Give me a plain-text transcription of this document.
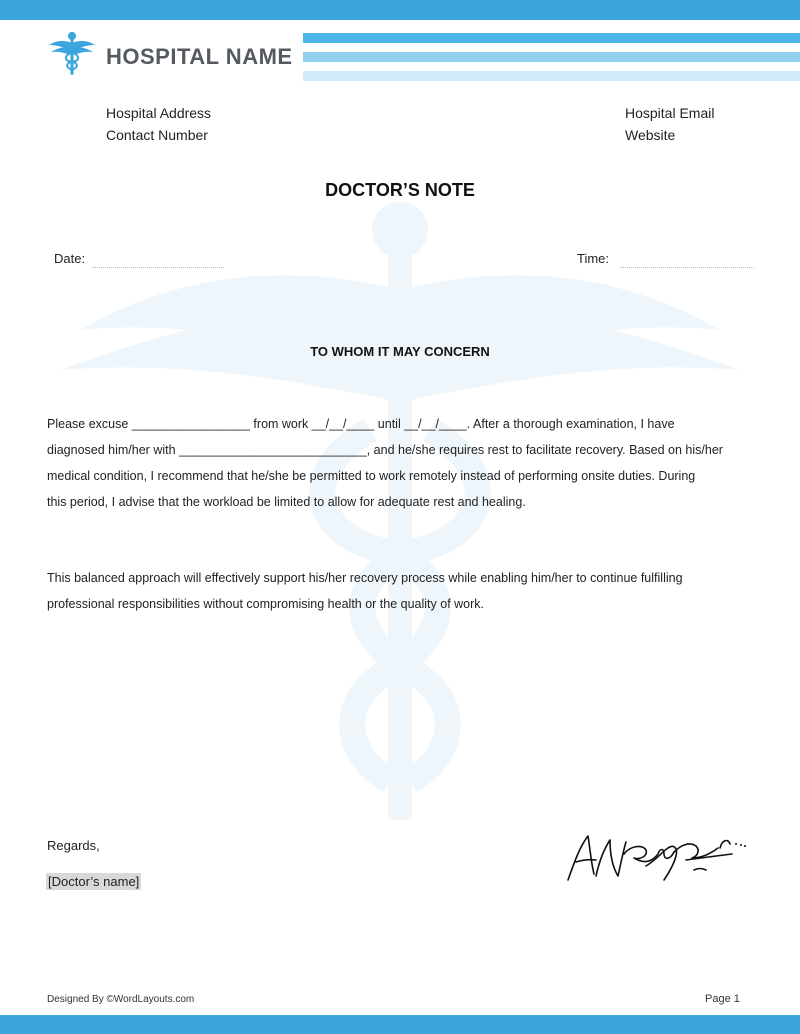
HOSPITAL NAME
Hospital Address
Contact Number
Hospital Email
Website
DOCTOR’S NOTE
Date:	Time:
TO WHOM IT MAY CONCERN
Please excuse _________________ from work __/__/____ until __/__/____. After a thorough examination, I have
diagnosed him/her with ___________________________, and he/she requires rest to facilitate recovery. Based on his/her
medical condition, I recommend that he/she be permitted to work remotely instead of performing onsite duties. During
this period, I advise that the workload be limited to allow for adequate rest and healing.
This balanced approach will effectively support his/her recovery process while enabling him/her to continue fulfilling
professional responsibilities without compromising health or the quality of work.
Regards,
[Doctor’s name]
Designed By ©WordLayouts.com	Page 1
